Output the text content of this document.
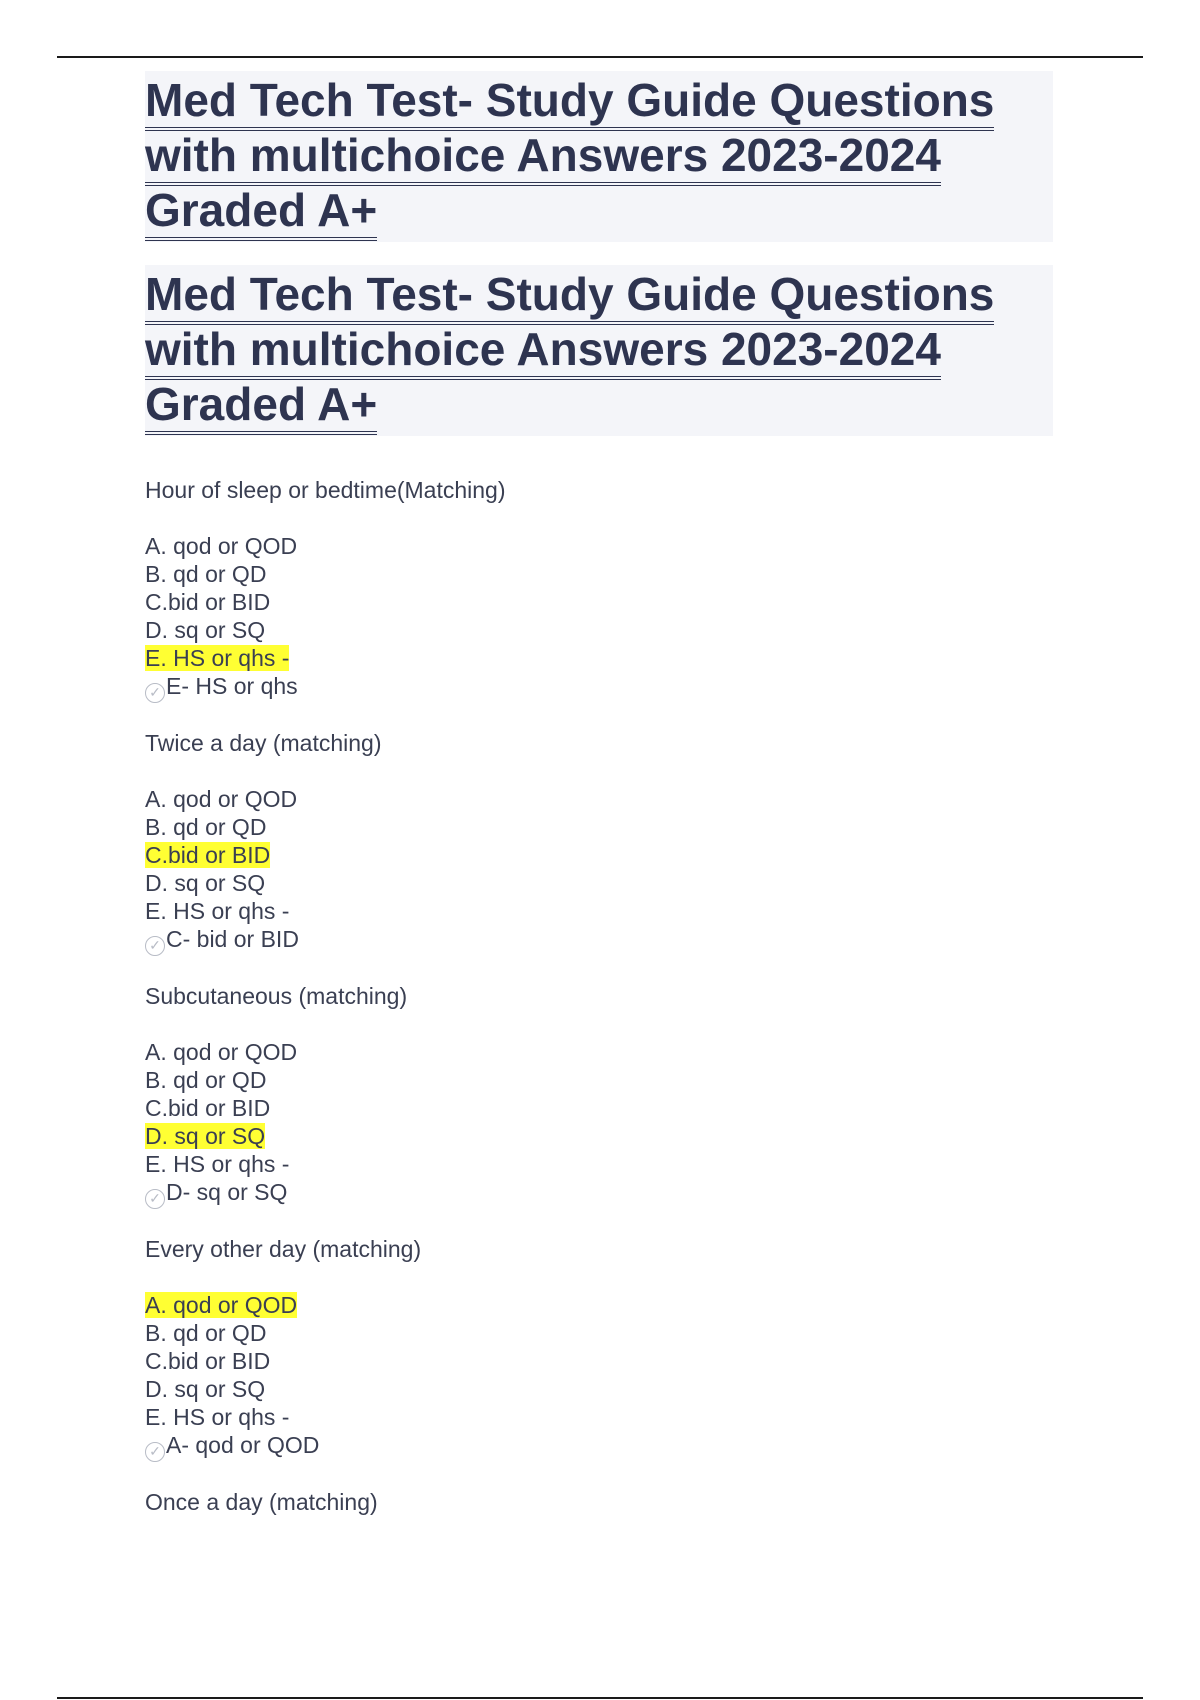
Med Tech Test- Study Guide Questions
with multichoice Answers 2023-2024
Graded A+
Med Tech Test- Study Guide Questions
with multichoice Answers 2023-2024
Graded A+
Hour of sleep or bedtime(Matching)
A. qod or QOD
B. qd or QD
C.bid or BID
D. sq or SQ
E. HS or qhs -
✓ E- HS or qhs
Twice a day (matching)
A. qod or QOD
B. qd or QD
C.bid or BID
D. sq or SQ
E. HS or qhs -
✓ C- bid or BID
Subcutaneous (matching)
A. qod or QOD
B. qd or QD
C.bid or BID
D. sq or SQ
E. HS or qhs -
✓ D- sq or SQ
Every other day (matching)
A. qod or QOD
B. qd or QD
C.bid or BID
D. sq or SQ
E. HS or qhs -
✓ A- qod or QOD
Once a day (matching)
